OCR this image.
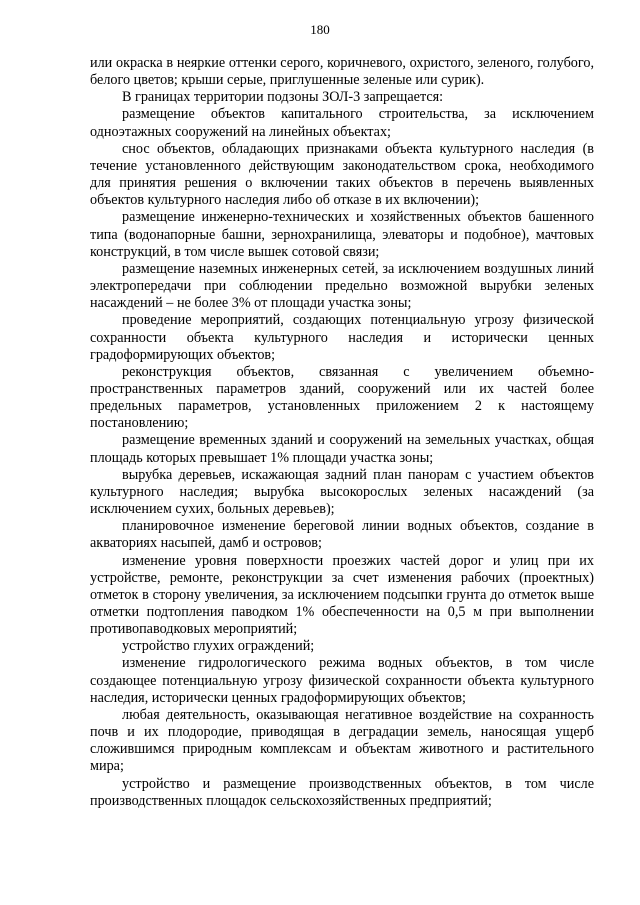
180

или окраска в неяркие оттенки серого, коричневого, охристого, зеленого, голубого, белого цветов; крыши серые, приглушенные зеленые или сурик).

В границах территории подзоны ЗОЛ-3 запрещается:

размещение объектов капитального строительства, за исключением одноэтажных сооружений на линейных объектах;

снос объектов, обладающих признаками объекта культурного наследия (в течение установленного действующим законодательством срока, необходимого для принятия решения о включении таких объектов в перечень выявленных объектов культурного наследия либо об отказе в их включении);

размещение инженерно-технических и хозяйственных объектов башенного типа (водонапорные башни, зернохранилища, элеваторы и подобное), мачтовых конструкций, в том числе вышек сотовой связи;

размещение наземных инженерных сетей, за исключением воздушных линий электропередачи при соблюдении предельно возможной вырубки зеленых насаждений – не более 3% от площади участка зоны;

проведение мероприятий, создающих потенциальную угрозу физической сохранности объекта культурного наследия и исторически ценных градоформирующих объектов;

реконструкция объектов, связанная с увеличением объемно-пространственных параметров зданий, сооружений или их частей более предельных параметров, установленных приложением 2 к настоящему постановлению;

размещение временных зданий и сооружений на земельных участках, общая площадь которых превышает 1% площади участка зоны;

вырубка деревьев, искажающая задний план панорам с участием объектов культурного наследия; вырубка высокорослых зеленых насаждений (за исключением сухих, больных деревьев);

планировочное изменение береговой линии водных объектов, создание в акваториях насыпей, дамб и островов;

изменение уровня поверхности проезжих частей дорог и улиц при их устройстве, ремонте, реконструкции за счет изменения рабочих (проектных) отметок в сторону увеличения, за исключением подсыпки грунта до отметок выше отметки подтопления паводком 1% обеспеченности на 0,5 м при выполнении противопаводковых мероприятий;

устройство глухих ограждений;

изменение гидрологического режима водных объектов, в том числе создающее потенциальную угрозу физической сохранности объекта культурного наследия, исторически ценных градоформирующих объектов;

любая деятельность, оказывающая негативное воздействие на сохранность почв и их плодородие, приводящая в деградации земель, наносящая ущерб сложившимся природным комплексам и объектам животного и растительного мира;

устройство и размещение производственных объектов, в том числе производственных площадок сельскохозяйственных предприятий;
